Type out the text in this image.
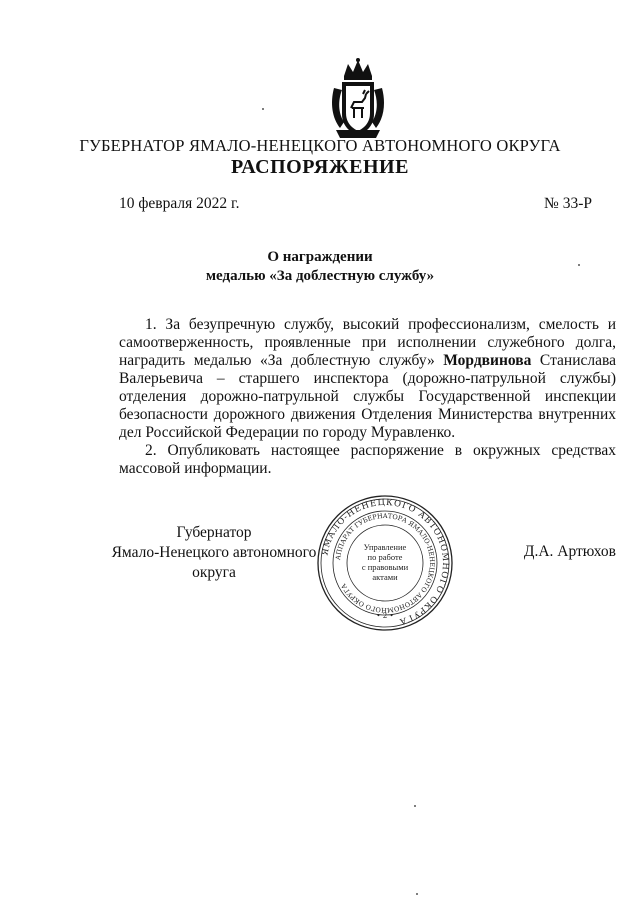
ГУБЕРНАТОР ЯМАЛО-НЕНЕЦКОГО АВТОНОМНОГО ОКРУГА
РАСПОРЯЖЕНИЕ
10 февраля 2022 г.	№ 33-Р
О награждении
медалью «За доблестную службу»

1. За безупречную службу, высокий профессионализм, смелость и самоотверженность, проявленные при исполнении служебного долга, наградить медалью «За доблестную службу» Мордвинова Станислава Валерьевича – старшего инспектора (дорожно-патрульной службы) отделения дорожно-патрульной службы Государственной инспекции безопасности дорожного движения Отделения Министерства внутренних дел Российской Федерации по городу Муравленко.

2. Опубликовать настоящее распоряжение в окружных средствах массовой информации.

Губернатор
Ямало-Ненецкого автономного округа
Д.А. Артюхов
ЯМАЛО-НЕНЕЦКОГО АВТОНОМНОГО ОКРУГА
АППАРАТ ГУБЕРНАТОРА ЯМАЛО-НЕНЕЦКОГО АВТОНОМНОГО ОКРУГА
Управление
по работе
с правовыми
актами
• 2 •
